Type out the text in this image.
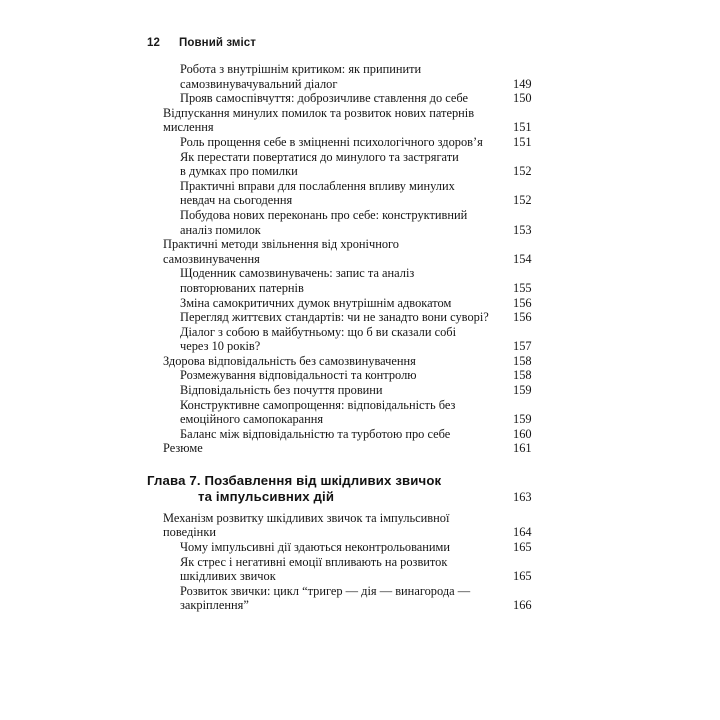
12	Повний зміст
Робота з внутрішнім критиком: як припинити
самозвинувачувальний діалог	149
Прояв самоспівчуття: доброзичливе ставлення до себе	150
Відпускання минулих помилок та розвиток нових патернів
мислення	151
Роль прощення себе в зміцненні психологічного здоров’я	151
Як перестати повертатися до минулого та застрягати
в думках про помилки	152
Практичні вправи для послаблення впливу минулих
невдач на сьогодення	152
Побудова нових переконань про себе: конструктивний
аналіз помилок	153
Практичні методи звільнення від хронічного
самозвинувачення	154
Щоденник самозвинувачень: запис та аналіз
повторюваних патернів	155
Зміна самокритичних думок внутрішнім адвокатом	156
Перегляд життєвих стандартів: чи не занадто вони суворі?	156
Діалог з собою в майбутньому: що б ви сказали собі
через 10 років?	157
Здорова відповідальність без самозвинувачення	158
Розмежування відповідальності та контролю	158
Відповідальність без почуття провини	159
Конструктивне самопрощення: відповідальність без
емоційного самопокарання	159
Баланс між відповідальністю та турботою про себе	160
Резюме	161
Глава 7. Позбавлення від шкідливих звичок
та імпульсивних дій	163
Механізм розвитку шкідливих звичок та імпульсивної
поведінки	164
Чому імпульсивні дії здаються неконтрольованими	165
Як стрес і негативні емоції впливають на розвиток
шкідливих звичок	165
Розвиток звички: цикл “тригер — дія — винагорода —
закріплення”	166
